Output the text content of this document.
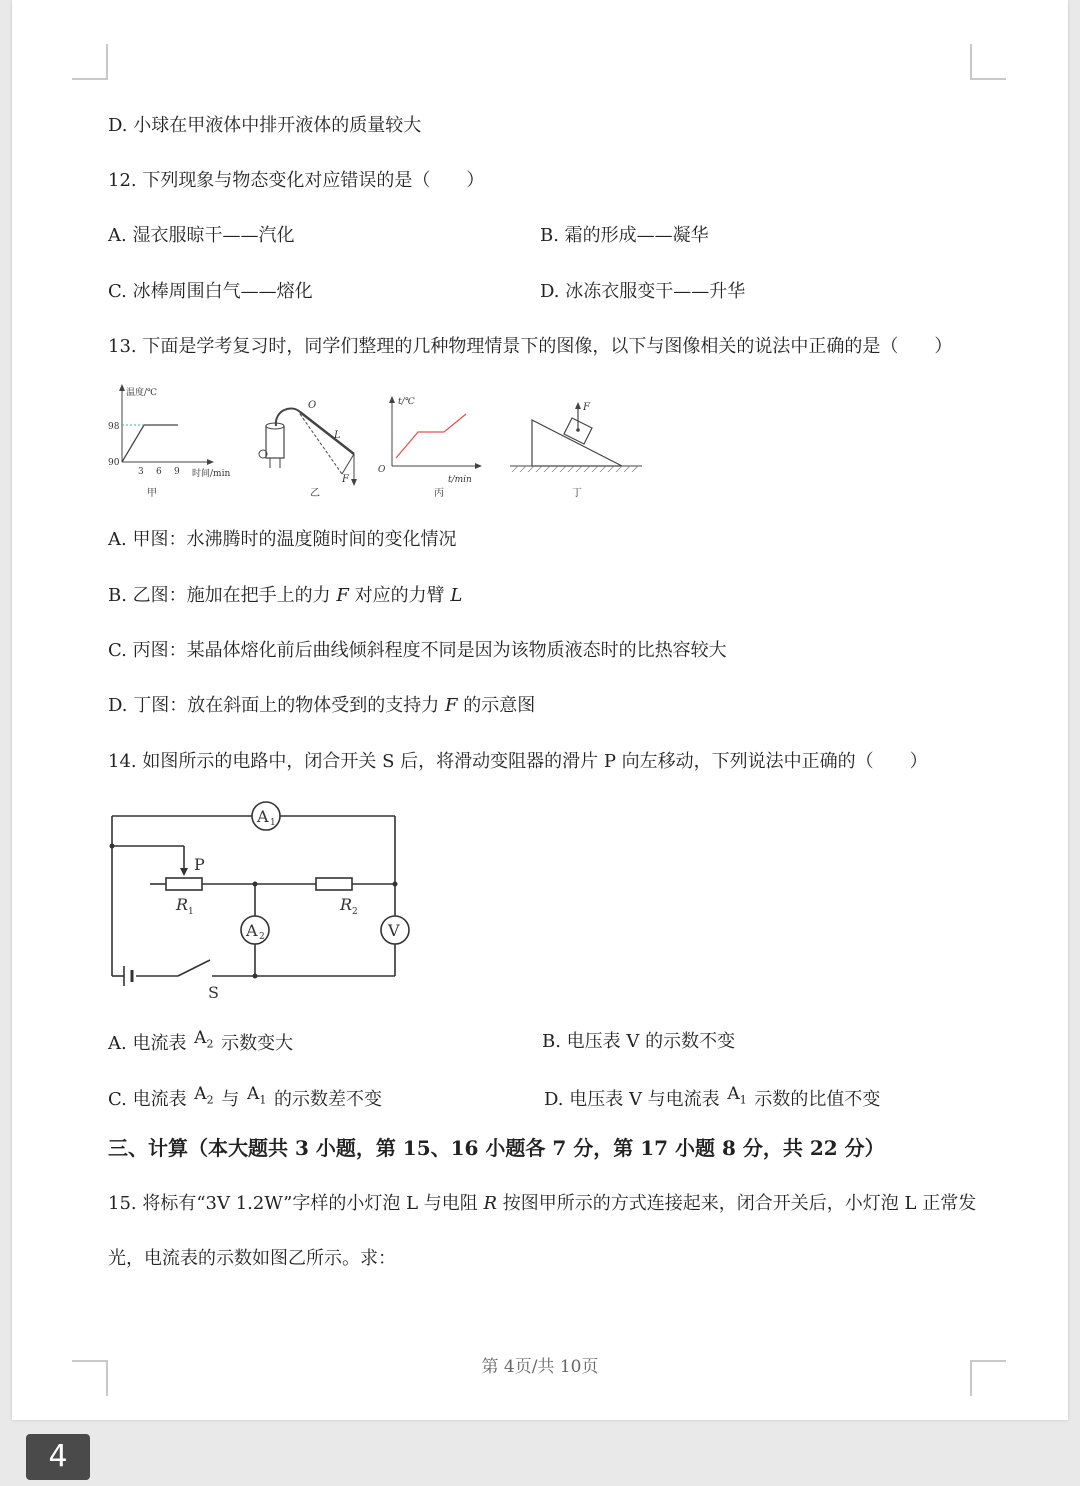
D. 小球在甲液体中排开液体的质量较大
12. 下列现象与物态变化对应错误的是（　　）
A. 湿衣服晾干——汽化	B. 霜的形成——凝华
C. 冰棒周围白气——熔化	D. 冰冻衣服变干——升华
13. 下面是学考复习时，同学们整理的几种物理情景下的图像，以下与图像相关的说法中正确的是（　　）
温度/℃
98
90
3 6 9 时间/min
甲
O
L
F
乙
t/℃
O
t/min
丙
F
丁
A. 甲图：水沸腾时的温度随时间的变化情况
B. 乙图：施加在把手上的力 F 对应的力臂 L
C. 丙图：某晶体熔化前后曲线倾斜程度不同是因为该物质液态时的比热容较大
D. 丁图：放在斜面上的物体受到的支持力 F 的示意图
14. 如图所示的电路中，闭合开关 S 后，将滑动变阻器的滑片 P 向左移动，下列说法中正确的（　　）
A 1
A 2	V
P
R 1	R 2
S
A. 电流表 $A_2$ 示数变大	B. 电压表 V 的示数不变
C. 电流表 $A_2$ 与 $A_1$ 的示数差不变	D. 电压表 V 与电流表 $A_1$ 示数的比值不变
三、计算（本大题共 3 小题，第 15、16 小题各 7 分，第 17 小题 8 分，共 22 分）
15. 将标有“3V 1.2W”字样的小灯泡 L 与电阻 R 按图甲所示的方式连接起来，闭合开关后，小灯泡 L 正常发
光，电流表的示数如图乙所示。求：
第 4页/共 10页
4
